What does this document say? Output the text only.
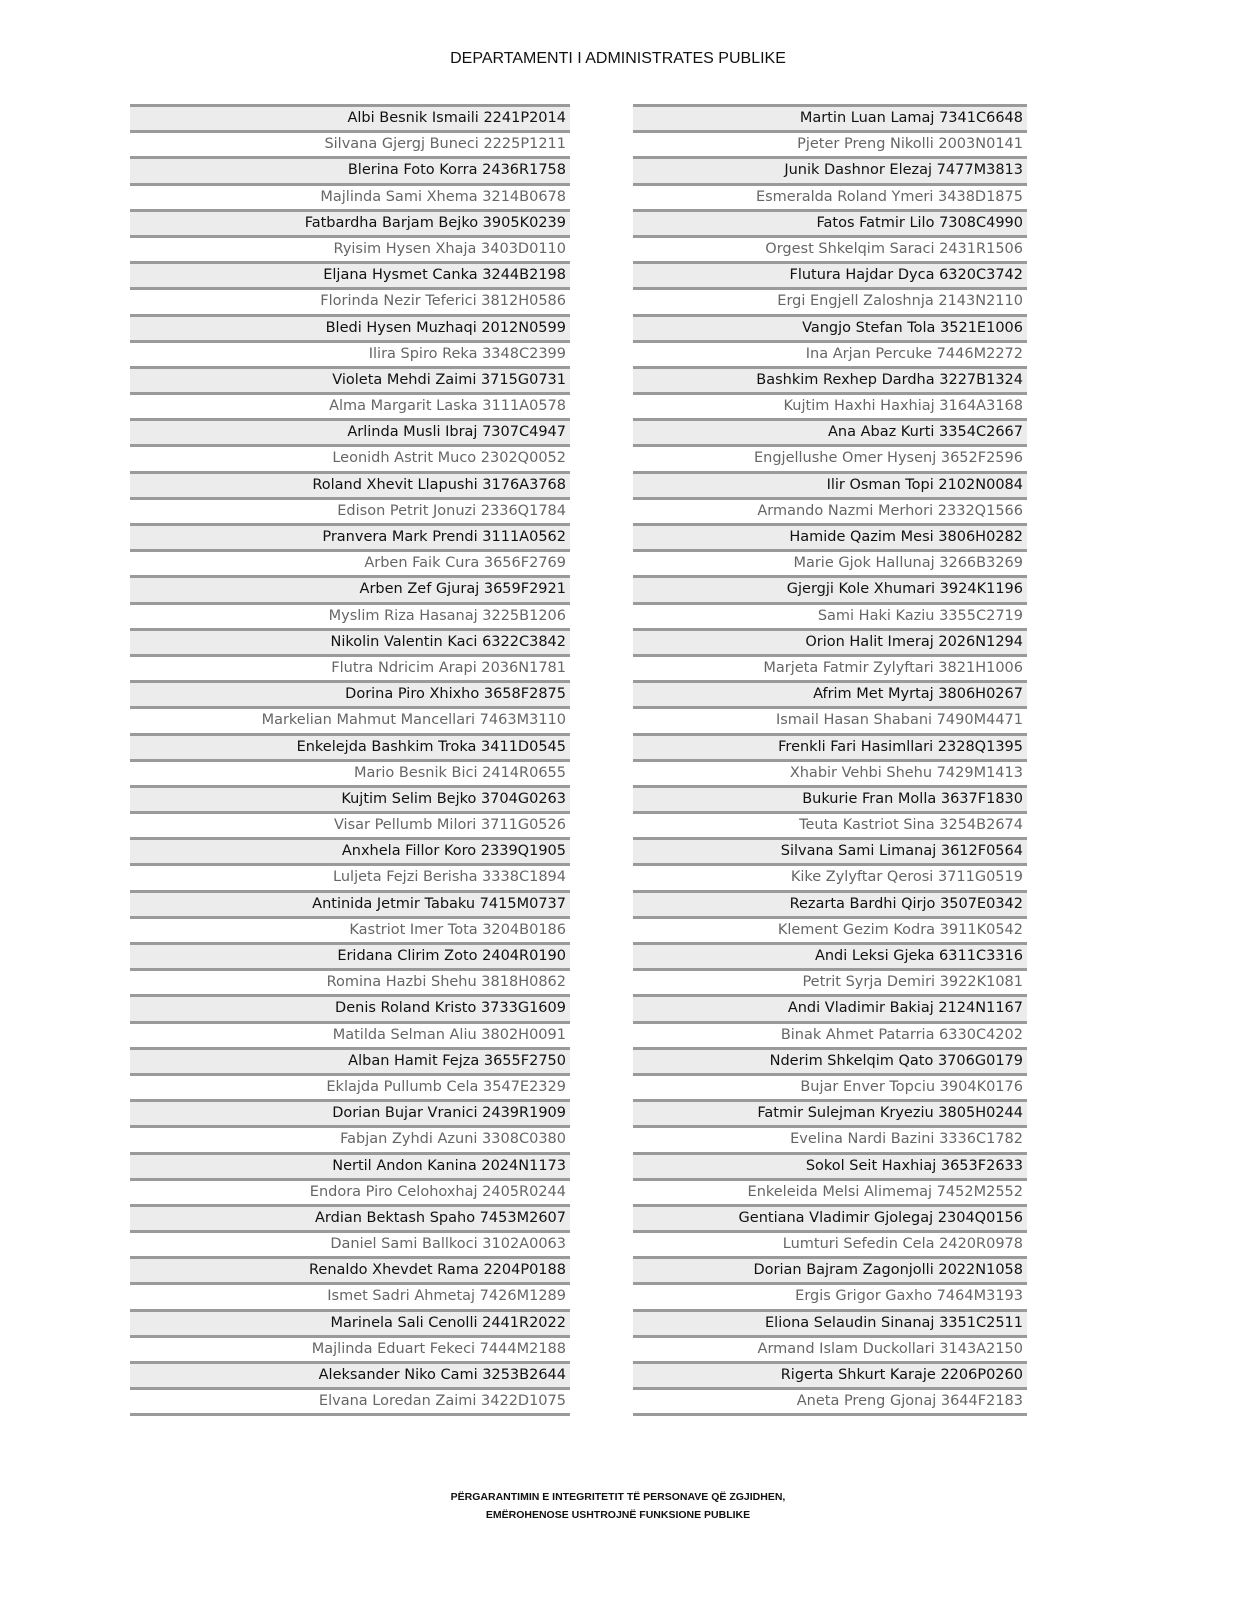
DEPARTAMENTI I ADMINISTRATES PUBLIKE
Albi Besnik Ismaili 2241P2014
Silvana Gjergj Buneci 2225P1211
Blerina Foto Korra 2436R1758
Majlinda Sami Xhema 3214B0678
Fatbardha Barjam Bejko 3905K0239
Ryisim Hysen Xhaja 3403D0110
Eljana Hysmet Canka 3244B2198
Florinda Nezir Teferici 3812H0586
Bledi Hysen Muzhaqi 2012N0599
Ilira Spiro Reka 3348C2399
Violeta Mehdi Zaimi 3715G0731
Alma Margarit Laska 3111A0578
Arlinda Musli Ibraj 7307C4947
Leonidh Astrit Muco 2302Q0052
Roland Xhevit Llapushi 3176A3768
Edison Petrit Jonuzi 2336Q1784
Pranvera Mark Prendi 3111A0562
Arben Faik Cura 3656F2769
Arben Zef Gjuraj 3659F2921
Myslim Riza Hasanaj 3225B1206
Nikolin Valentin Kaci 6322C3842
Flutra Ndricim Arapi 2036N1781
Dorina Piro Xhixho 3658F2875
Markelian Mahmut Mancellari 7463M3110
Enkelejda Bashkim Troka 3411D0545
Mario Besnik Bici 2414R0655
Kujtim Selim Bejko 3704G0263
Visar Pellumb Milori 3711G0526
Anxhela Fillor Koro 2339Q1905
Luljeta Fejzi Berisha 3338C1894
Antinida Jetmir Tabaku 7415M0737
Kastriot Imer Tota 3204B0186
Eridana Clirim Zoto 2404R0190
Romina Hazbi Shehu 3818H0862
Denis Roland Kristo 3733G1609
Matilda Selman Aliu 3802H0091
Alban Hamit Fejza 3655F2750
Eklajda Pullumb Cela 3547E2329
Dorian Bujar Vranici 2439R1909
Fabjan Zyhdi Azuni 3308C0380
Nertil Andon Kanina 2024N1173
Endora Piro Celohoxhaj 2405R0244
Ardian Bektash Spaho 7453M2607
Daniel Sami Ballkoci 3102A0063
Renaldo Xhevdet Rama 2204P0188
Ismet Sadri Ahmetaj 7426M1289
Marinela Sali Cenolli 2441R2022
Majlinda Eduart Fekeci 7444M2188
Aleksander Niko Cami 3253B2644
Elvana Loredan Zaimi 3422D1075
Martin Luan Lamaj 7341C6648
Pjeter Preng Nikolli 2003N0141
Junik Dashnor Elezaj 7477M3813
Esmeralda Roland Ymeri 3438D1875
Fatos Fatmir Lilo 7308C4990
Orgest Shkelqim Saraci 2431R1506
Flutura Hajdar Dyca 6320C3742
Ergi Engjell Zaloshnja 2143N2110
Vangjo Stefan Tola 3521E1006
Ina Arjan Percuke 7446M2272
Bashkim Rexhep Dardha 3227B1324
Kujtim Haxhi Haxhiaj 3164A3168
Ana Abaz Kurti 3354C2667
Engjellushe Omer Hysenj 3652F2596
Ilir Osman Topi 2102N0084
Armando Nazmi Merhori 2332Q1566
Hamide Qazim Mesi 3806H0282
Marie Gjok Hallunaj 3266B3269
Gjergji Kole Xhumari 3924K1196
Sami Haki Kaziu 3355C2719
Orion Halit Imeraj 2026N1294
Marjeta Fatmir Zylyftari 3821H1006
Afrim Met Myrtaj 3806H0267
Ismail Hasan Shabani 7490M4471
Frenkli Fari Hasimllari 2328Q1395
Xhabir Vehbi Shehu 7429M1413
Bukurie Fran Molla 3637F1830
Teuta Kastriot Sina 3254B2674
Silvana Sami Limanaj 3612F0564
Kike Zylyftar Qerosi 3711G0519
Rezarta Bardhi Qirjo 3507E0342
Klement Gezim Kodra 3911K0542
Andi Leksi Gjeka 6311C3316
Petrit Syrja Demiri 3922K1081
Andi Vladimir Bakiaj 2124N1167
Binak Ahmet Patarria 6330C4202
Nderim Shkelqim Qato 3706G0179
Bujar Enver Topciu 3904K0176
Fatmir Sulejman Kryeziu 3805H0244
Evelina Nardi Bazini 3336C1782
Sokol Seit Haxhiaj 3653F2633
Enkeleida Melsi Alimemaj 7452M2552
Gentiana Vladimir Gjolegaj 2304Q0156
Lumturi Sefedin Cela 2420R0978
Dorian Bajram Zagonjolli 2022N1058
Ergis Grigor Gaxho 7464M3193
Eliona Selaudin Sinanaj 3351C2511
Armand Islam Duckollari 3143A2150
Rigerta Shkurt Karaje 2206P0260
Aneta Preng Gjonaj 3644F2183
PËRGARANTIMIN E INTEGRITETIT TË PERSONAVE QË ZGJIDHEN,
EMËROHENOSE USHTROJNË FUNKSIONE PUBLIKE
